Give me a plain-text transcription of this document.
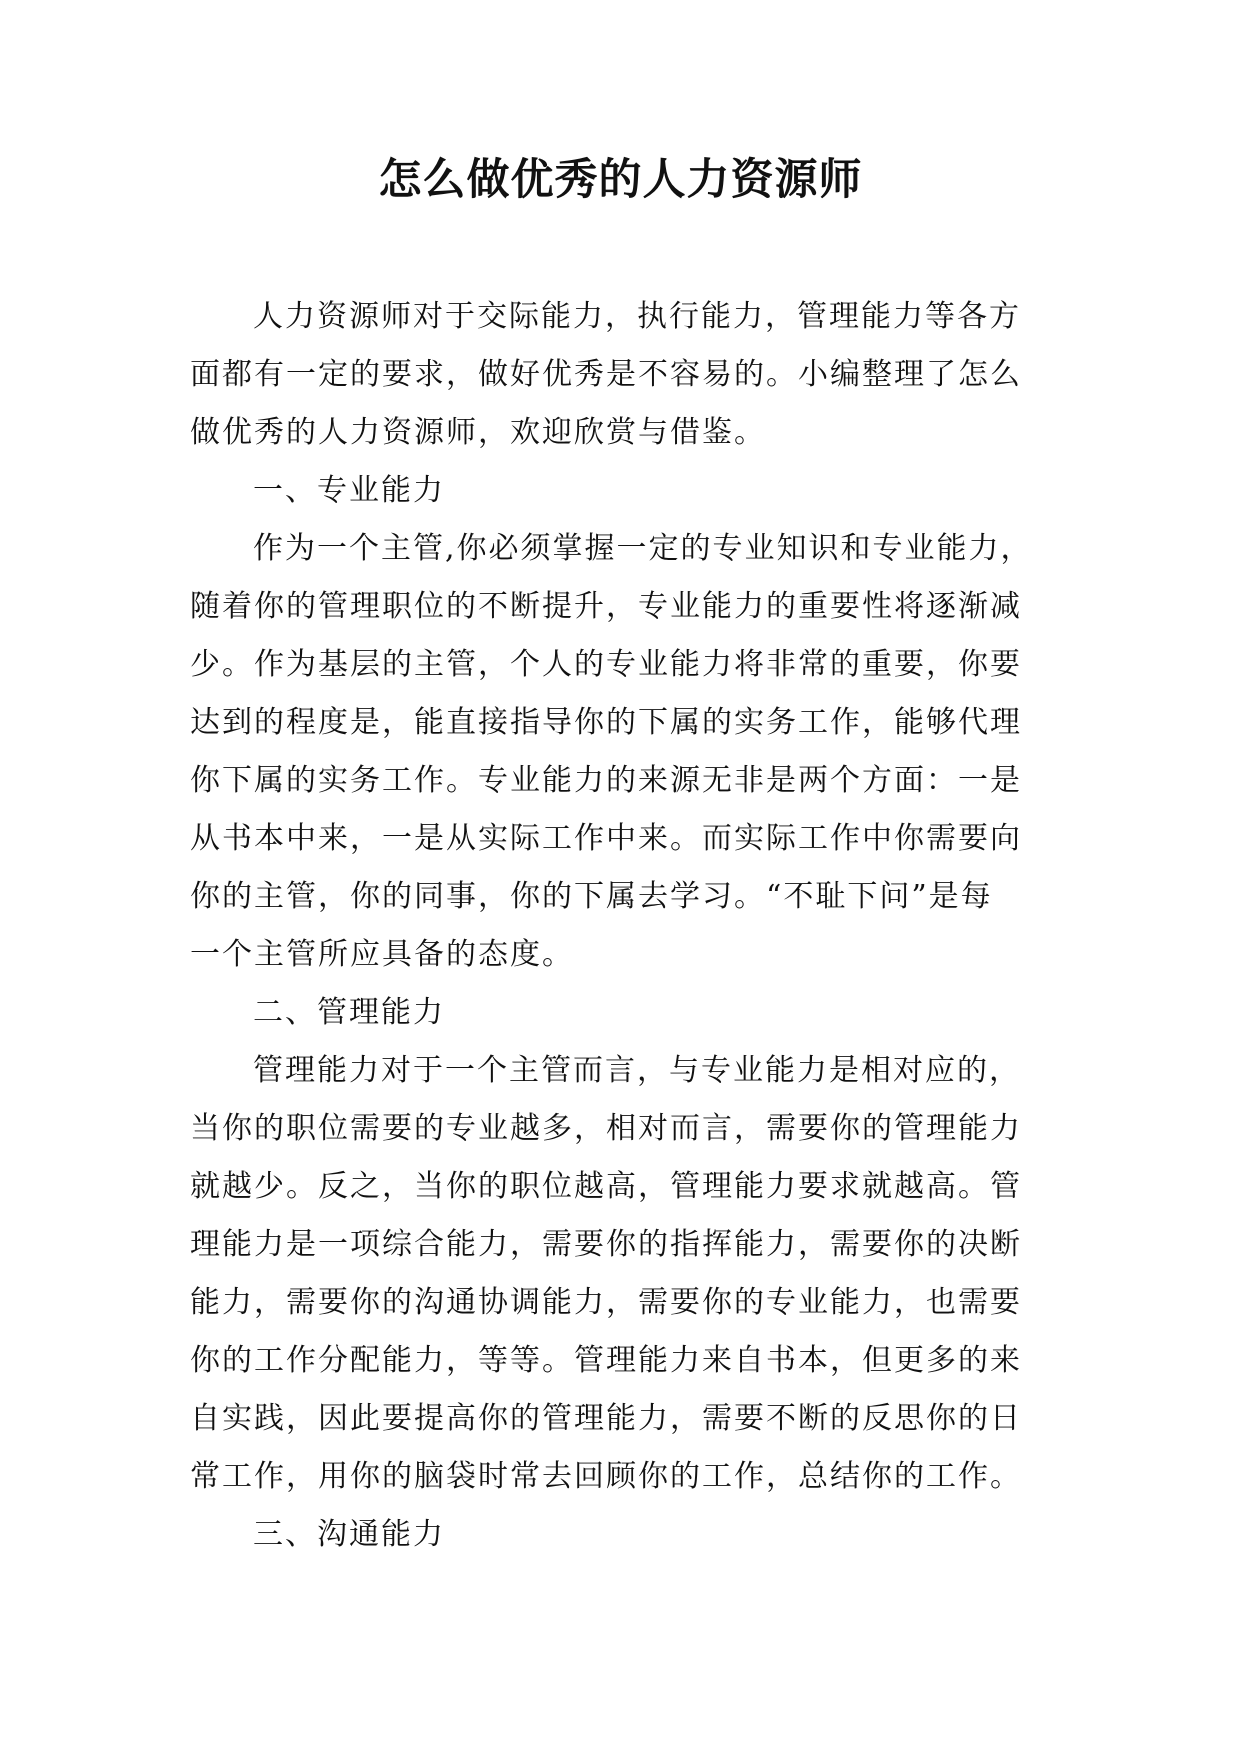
怎么做优秀的人力资源师
人力资源师对于交际能力，执行能力，管理能力等各方
面都有一定的要求，做好优秀是不容易的。小编整理了怎么
做优秀的人力资源师，欢迎欣赏与借鉴。
一、专业能力
作为一个主管,你必须掌握一定的专业知识和专业能力，
随着你的管理职位的不断提升，专业能力的重要性将逐渐减
少。作为基层的主管，个人的专业能力将非常的重要，你要
达到的程度是，能直接指导你的下属的实务工作，能够代理
你下属的实务工作。专业能力的来源无非是两个方面：一是
从书本中来，一是从实际工作中来。而实际工作中你需要向
你的主管，你的同事，你的下属去学习。“不耻下问”是每
一个主管所应具备的态度。
二、管理能力
管理能力对于一个主管而言，与专业能力是相对应的，
当你的职位需要的专业越多，相对而言，需要你的管理能力
就越少。反之，当你的职位越高，管理能力要求就越高。管
理能力是一项综合能力，需要你的指挥能力，需要你的决断
能力，需要你的沟通协调能力，需要你的专业能力，也需要
你的工作分配能力，等等。管理能力来自书本，但更多的来
自实践，因此要提高你的管理能力，需要不断的反思你的日
常工作，用你的脑袋时常去回顾你的工作，总结你的工作。
三、沟通能力
